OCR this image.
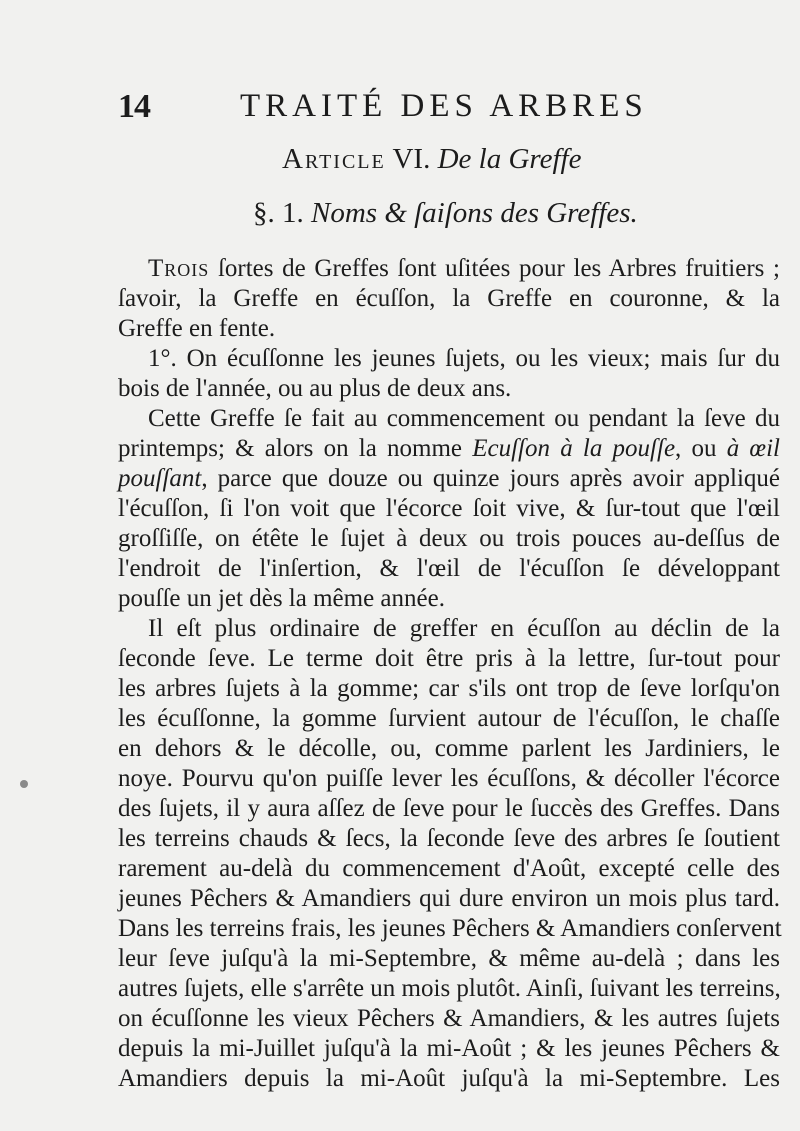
14	TRAITÉ DES ARBRES
Article VI. De la Greffe
§. 1. Noms & ſaiſons des Greffes.
Trois ſortes de Greffes ſont uſitées pour les Arbres fruitiers ;
ſavoir, la Greffe en écuſſon, la Greffe en couronne, & la
Greffe en fente.
1°. On écuſſonne les jeunes ſujets, ou les vieux; mais ſur du
bois de l'année, ou au plus de deux ans.
Cette Greffe ſe fait au commencement ou pendant la ſeve du
printemps; & alors on la nomme Ecuſſon à la pouſſe, ou à œil
pouſſant, parce que douze ou quinze jours après avoir appliqué
l'écuſſon, ſi l'on voit que l'écorce ſoit vive, & ſur-tout que l'œil
groſſiſſe, on étête le ſujet à deux ou trois pouces au-deſſus de
l'endroit de l'inſertion, & l'œil de l'écuſſon ſe développant
pouſſe un jet dès la même année.
Il eſt plus ordinaire de greffer en écuſſon au déclin de la
ſeconde ſeve. Le terme doit être pris à la lettre, ſur-tout pour
les arbres ſujets à la gomme; car s'ils ont trop de ſeve lorſqu'on
les écuſſonne, la gomme ſurvient autour de l'écuſſon, le chaſſe
en dehors & le décolle, ou, comme parlent les Jardiniers, le
noye. Pourvu qu'on puiſſe lever les écuſſons, & décoller l'écorce
des ſujets, il y aura aſſez de ſeve pour le ſuccès des Greffes. Dans
les terreins chauds & ſecs, la ſeconde ſeve des arbres ſe ſoutient
rarement au-delà du commencement d'Août, excepté celle des
jeunes Pêchers & Amandiers qui dure environ un mois plus tard.
Dans les terreins frais, les jeunes Pêchers & Amandiers conſervent
leur ſeve juſqu'à la mi-Septembre, & même au-delà ; dans les
autres ſujets, elle s'arrête un mois plutôt. Ainſi, ſuivant les terreins,
on écuſſonne les vieux Pêchers & Amandiers, & les autres ſujets
depuis la mi-Juillet juſqu'à la mi-Août ; & les jeunes Pêchers &
Amandiers depuis la mi-Août juſqu'à la mi-Septembre. Les
